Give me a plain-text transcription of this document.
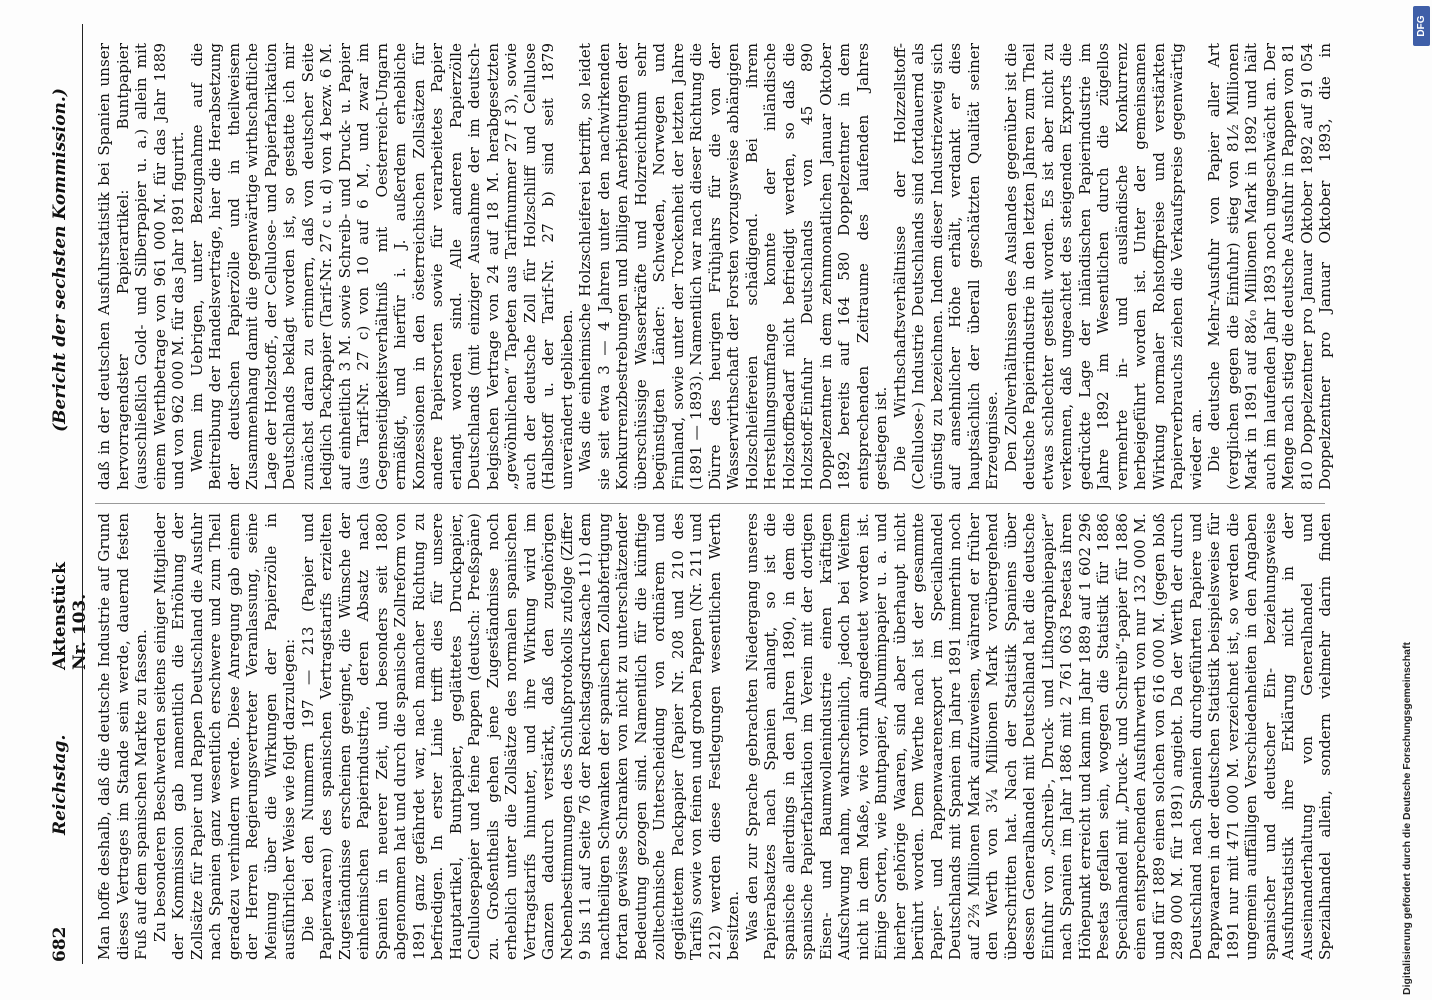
682
Reichstag.
Aktenstück Nr. 103.
(Bericht der sechsten Kommission.)

Man hoffe deshalb, daß die deutsche Industrie auf Grund dieses Vertrages im Stande sein werde, dauernd festen Fuß auf dem spanischen Markte zu fassen. Zu besonderen Beschwerden seitens einiger Mitglieder der Kommission gab namentlich die Erhöhung der Zollsätze für Papier und Pappen Deutschland die Ausfuhr nach Spanien ganz wesentlich erschwere und zum Theil geradezu verhindern werde. Diese Anregung gab einem der Herren Regierungsvertreter Veranlassung, seine Meinung über die Wirkungen der Papierzölle in ausführlicher Weise wie folgt darzulegen: Die bei den Nummern 197 — 213 (Papier und Papierwaaren) des spanischen Vertragstarifs erzielten Zugeständnisse erscheinen geeignet, die Wünsche der einheimischen Papierindustrie, deren Absatz nach Spanien in neuerer Zeit, und besonders seit 1880 abgenommen hat und durch die spanische Zollreform von 1891 ganz gefährdet war, nach mancher Richtung zu befriedigen. In erster Linie trifft dies für unsere Hauptartikel, Buntpapier, geglättetes Druckpapier, Cellulosepapier und feine Pappen (deutsch: Preßspäne) zu. Großentheils gehen jene Zugeständnisse noch erheblich unter die Zollsätze des normalen spanischen Vertragstarifs hinunter, und ihre Wirkung wird im Ganzen dadurch verstärkt, daß den zugehörigen Nebenbestimmungen des Schlußprotokolls zufolge (Ziffer 9 bis 11 auf Seite 76 der Reichstagsdrucksache 11) dem nachtheiligen Schwanken der spanischen Zollabfertigung fortan gewisse Schranken von nicht zu unterschätzender Bedeutung gezogen sind. Namentlich für die künftige zolltechnische Unterscheidung von ordinärem und geglättetem Packpapier (Papier Nr. 208 und 210 des Tarifs) sowie von feinen und groben Pappen (Nr. 211 und 212) werden diese Festlegungen wesentlichen Werth besitzen. Was den zur Sprache gebrachten Niedergang unseres Papierabsatzes nach Spanien anlangt, so ist die spanische allerdings in den Jahren 1890, in dem die spanische Papierfabrikation im Verein mit der dortigen Eisen- und Baumwollenindustrie einen kräftigen Aufschwung nahm, wahrscheinlich, jedoch bei Weitem nicht in dem Maße, wie vorhin angedeutet worden ist. Einige Sorten, wie Buntpapier, Albuminpapier u. a. und hierher gehörige Waaren, sind aber überhaupt nicht berührt worden. Dem Werthe nach ist der gesammte Papier- und Pappenwaarenexport im Specialhandel Deutschlands mit Spanien im Jahre 1891 immerhin noch auf 2⅔ Millionen Mark aufzuweisen, während er früher den Werth von 3¼ Millionen Mark vorübergehend überschritten hat. Nach der Statistik Spaniens über dessen Generalhandel mit Deutschland hat die deutsche Einfuhr von „Schreib-, Druck- und Lithographiepapier“ nach Spanien im Jahr 1886 mit 2 761 063 Pesetas ihren Höhepunkt erreicht und kann im Jahr 1889 auf 1 602 296 Pesetas gefallen sein, wogegen die Statistik für 1886 Specialhandel mit „Druck- und Schreib“-papier für 1886 einen entsprechenden Ausfuhrwerth von nur 132 000 M. und für 1889 einen solchen von 616 000 M. (gegen bloß 289 000 M. für 1891) angiebt. Da der Werth der durch Deutschland nach Spanien durchgeführten Papiere und Pappwaaren in der deutschen Statistik beispielsweise für 1891 nur mit 471 000 M. verzeichnet ist, so werden die ungemein auffälligen Verschiedenheiten in den Angaben spanischer und deutscher Ein- beziehungsweise Ausfuhrstatistik ihre Erklärung nicht in der Auseinanderhaltung von Generalhandel und Spezialhandel allein, sondern vielmehr darin finden

daß in der deutschen Ausfuhrstatistik bei Spanien unser hervorragendster Papierartikel: Buntpapier (ausschließlich Gold- und Silberpapier u. a.) allein mit einem Werthbetrage von 961 000 M. für das Jahr 1889 und von 962 000 M. für das Jahr 1891 figurirt. Wenn im Uebrigen, unter Bezugnahme auf die Beitreibung der Handelsverträge, hier die Herabsetzung der deutschen Papierzölle und in theilweisem Zusammenhang damit die gegenwärtige wirthschaftliche Lage der Holzstoff-, der Cellulose- und Papierfabrikation Deutschlands beklagt worden ist, so gestatte ich mir zunächst daran zu erinnern, daß von deutscher Seite lediglich Packpapier (Tarif-Nr. 27 c u. d) von 4 bezw. 6 M. auf einheitlich 3 M. sowie Schreib- und Druck- u. Papier (aus Tarif-Nr. 27 c) von 10 auf 6 M., und zwar im Gegenseitigkeitsverhältniß mit Oesterreich-Ungarn ermäßigt, und hierfür i. J. außerdem erhebliche Konzessionen in den österreichischen Zollsätzen für andere Papiersorten sowie für verarbeitetes Papier erlangt worden sind. Alle anderen Papierzölle Deutschlands (mit einziger Ausnahme der im deutsch-belgischen Vertrage von 24 auf 18 M. herabgesetzten „gewöhnlichen“ Tapeten aus Tarifnummer 27 f 3), sowie auch der deutsche Zoll für Holzschliff und Cellulose (Halbstoff u. der Tarif-Nr. 27 b) sind seit 1879 unverändert geblieben. Was die einheimische Holzschleiferei betrifft, so leidet sie seit etwa 3 — 4 Jahren unter den nachwirkenden Konkurrenzbestrebungen und billigen Anerbietungen der überschüssige Wasserkräfte und Holzreichthum sehr begünstigten Länder: Schweden, Norwegen und Finnland, sowie unter der Trockenheit der letzten Jahre (1891 — 1893). Namentlich war nach dieser Richtung die Dürre des heurigen Frühjahrs für die von der Wasserwirthschaft der Forsten vorzugsweise abhängigen Holzschleifereien schädigend. Bei ihrem Herstellungsumfange konnte der inländische Holzstoffbedarf nicht befriedigt werden, so daß die Holzstoff-Einfuhr Deutschlands von 45 890 Doppelzentner in dem zehnmonatlichen Januar Oktober 1892 bereits auf 164 580 Doppelzentner in dem entsprechenden Zeitraume des laufenden Jahres gestiegen ist. Die Wirthschaftsverhältnisse der Holzzellstoff- (Cellulose-) Industrie Deutschlands sind fortdauernd als günstig zu bezeichnen. Indem dieser Industriezweig sich auf ansehnlicher Höhe erhält, verdankt er dies hauptsächlich der überall geschätzten Qualität seiner Erzeugnisse. Den Zollverhältnissen des Auslandes gegenüber ist die deutsche Papierindustrie in den letzten Jahren zum Theil etwas schlechter gestellt worden. Es ist aber nicht zu verkennen, daß ungeachtet des steigenden Exports die gedrückte Lage der inländischen Papierindustrie im Jahre 1892 im Wesentlichen durch die zügellos vermehrte in- und ausländische Konkurrenz herbeigeführt worden ist. Unter der gemeinsamen Wirkung normaler Rohstoffpreise und verstärkten Papierverbrauchs ziehen die Verkaufspreise gegenwärtig wieder an. Die deutsche Mehr-Ausfuhr von Papier aller Art (verglichen gegen die Einfuhr) stieg von 81⁄₂ Millionen Mark in 1891 auf 88⁄₁₀ Millionen Mark in 1892 und hält auch im laufenden Jahr 1893 noch ungeschwächt an. Der Menge nach stieg die deutsche Ausfuhr in Pappen von 81 810 Doppelzentner pro Januar Oktober 1892 auf 91 054 Doppelzentner pro Januar Oktober 1893, die in

Digitalisierung gefördert durch die Deutsche Forschungsgemeinschaft
DFG
